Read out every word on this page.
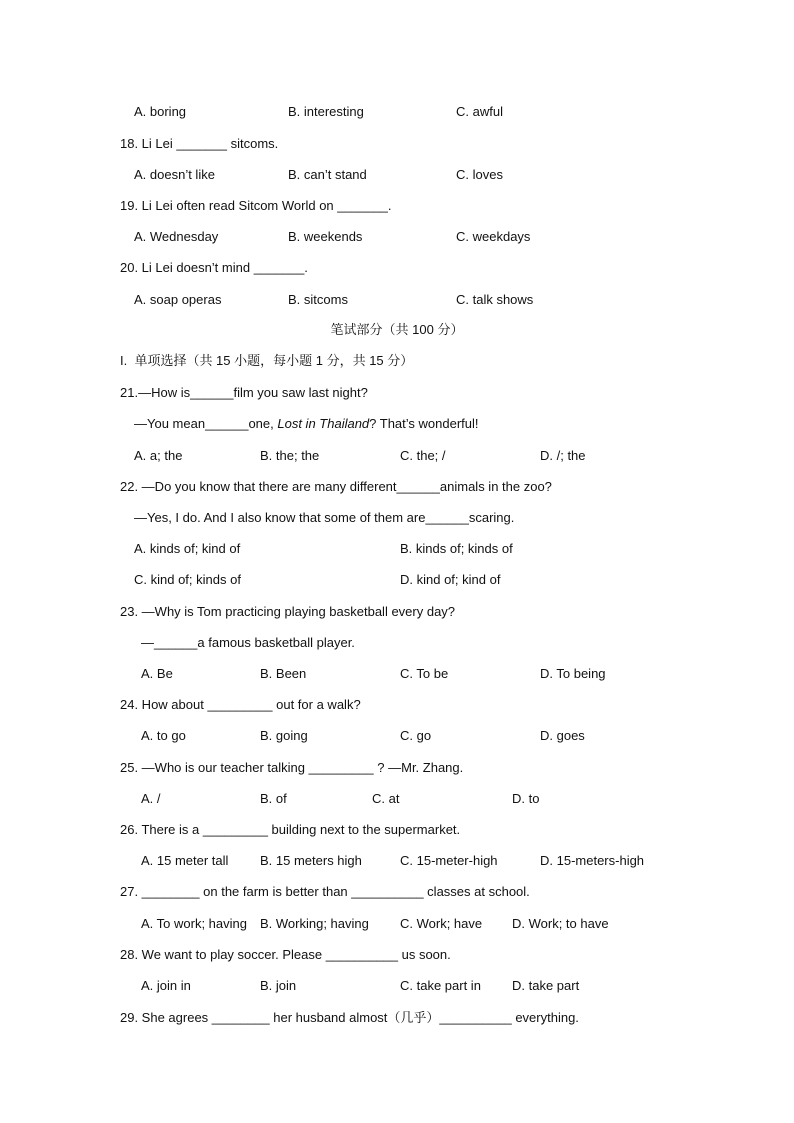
A. boring	B. interesting	C. awful
18. Li Lei _______ sitcoms.
A. doesn’t like	B. can’t stand	C. loves
19. Li Lei often read Sitcom World on _______.
A. Wednesday	B. weekends	C. weekdays
20. Li Lei doesn’t mind _______.
A. soap operas	B. sitcoms	C. talk shows
笔试部分（共 100 分）
I.  单项选择（共 15 小题，每小题 1 分，共 15 分）
21.—How is______film you saw last night?
—You mean______one, Lost in Thailand? That’s wonderful!
A. a; the	B. the; the	C. the; /	D. /; the
22. —Do you know that there are many different______animals in the zoo?
—Yes, I do. And I also know that some of them are______scaring.
A. kinds of; kind of	B. kinds of; kinds of
C. kind of; kinds of	D. kind of; kind of
23. —Why is Tom practicing playing basketball every day?
—______a famous basketball player.
A. Be	B. Been	C. To be	D. To being
24. How about _________ out for a walk?
A. to go	B. going	C. go	D. goes
25. —Who is our teacher talking _________ ? —Mr. Zhang.
A. /	B. of	C. at	D. to
26. There is a _________ building next to the supermarket.
A. 15 meter tall B. 15 meters high	C. 15-meter-high	D. 15-meters-high
27. ________ on the farm is better than __________ classes at school.
A. To work; having B. Working; having C. Work; have D. Work; to have
28. We want to play soccer. Please __________ us soon.
A. join in	B. join	C. take part in D. take part
29. She agrees ________ her husband almost（几乎）__________ everything.
